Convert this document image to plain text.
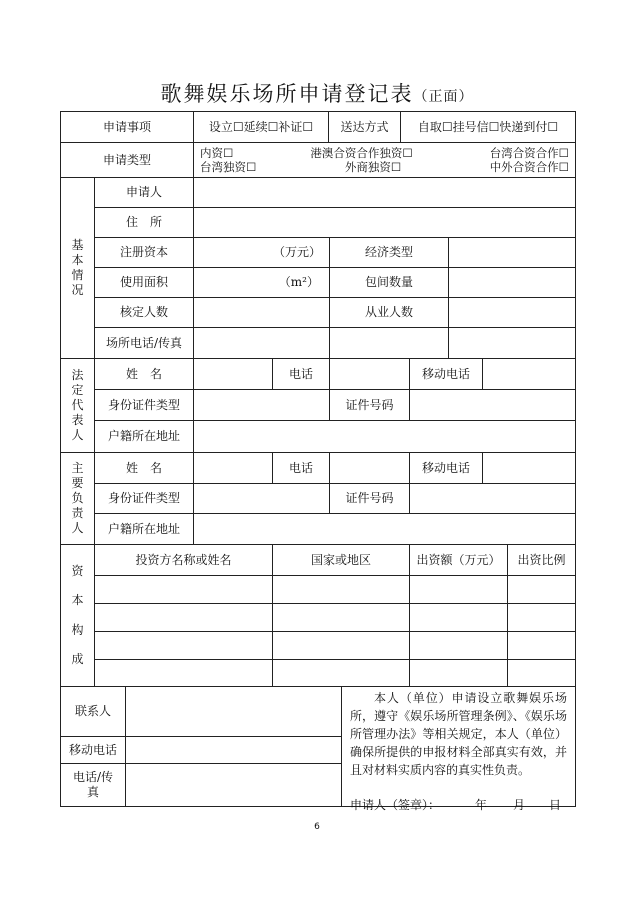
歌舞娱乐场所申请登记表（正面）
申请事项	设立☐延续☐补证☐	送达方式	自取☐挂号信☐快递到付☐
申请类型	内资☐	港澳合资合作独资☐	台湾合资合作☐
台湾独资☐	外商独资☐	中外合资合作☐
基
本
情
况
申请人
住　所
注册资本	（万元）	经济类型
使用面积	（m²）	包间数量
核定人数	从业人数
场所电话/传真
法
定
代
表
人
姓　名	电话	移动电话
身份证件类型	证件号码
户籍所在地址
主
要
负
责
人
姓　名	电话	移动电话
身份证件类型	证件号码
户籍所在地址
资
本
构
成
投资方名称或姓名	国家或地区	出资额（万元）	出资比例
联系人
移动电话
电话/传
真
本人（单位）申请设立歌舞娱乐场所，遵守《娱乐场所管理条例》、《娱乐场所管理办法》等相关规定，本人（单位）确保所提供的申报材料全部真实有效，并且对材料实质内容的真实性负责。
申请人（签章）：	年 月 日
6
